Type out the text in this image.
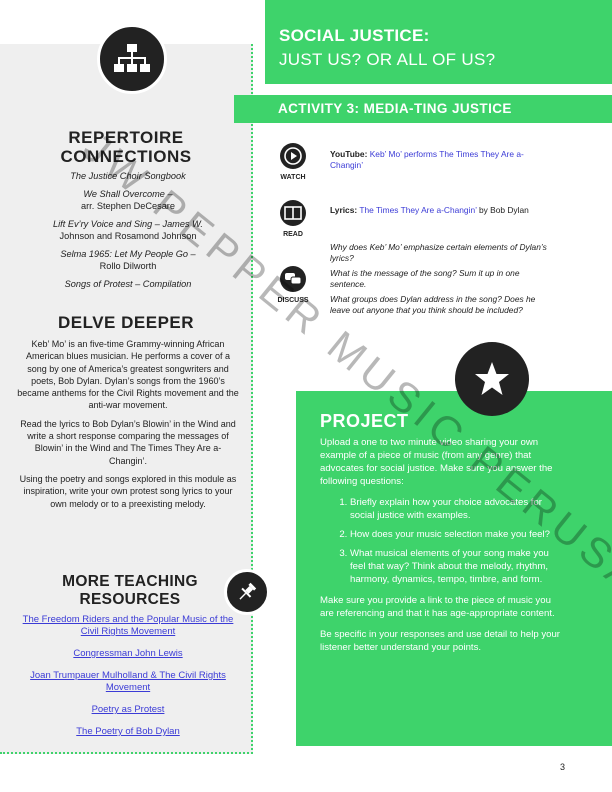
SOCIAL JUSTICE:
JUST US? OR ALL OF US?
REPERTOIRE
CONNECTIONS
The Justice Choir Songbook
We Shall Overcome –
arr. Stephen DeCesare
Lift Ev’ry Voice and Sing – James W.
Johnson and Rosamond Johnson
Selma 1965: Let My People Go –
Rollo Dilworth
Songs of Protest – Compilation
DELVE DEEPER

Keb’ Mo’ is an five-time Grammy-winning African American blues musician. He performs a cover of a song by one of America’s greatest songwriters and poets, Bob Dylan. Dylan’s songs from the 1960’s became anthems for the Civil Rights movement and the anti-war movement.

Read the lyrics to Bob Dylan’s Blowin’ in the Wind and write a short response comparing the messages of Blowin’ in the Wind and The Times They Are a-Changin’.

Using the poetry and songs explored in this module as inspiration, write your own protest song lyrics to your own melody or to a preexisting melody.

MORE TEACHING
RESOURCES
The Freedom Riders and the Popular Music of the Civil Rights Movement
Congressman John Lewis
Joan Trumpauer Mulholland & The Civil Rights Movement
Poetry as Protest
The Poetry of Bob Dylan
ACTIVITY 3: MEDIA-TING JUSTICE
WATCH
YouTube: Keb’ Mo’ performs The Times They Are a-Changin’
READ
Lyrics: The Times They Are a-Changin’ by Bob Dylan
DISCUSS
Why does Keb’ Mo’ emphasize certain elements of Dylan’s lyrics?
What is the message of the song? Sum it up in one sentence.
What groups does Dylan address in the song? Does he leave out anyone that you think should be included?
PROJECT

Upload a one to two minute video sharing your own example of a piece of music (from any genre) that advocates for social justice. Make sure you answer the following questions:

1. Briefly explain how your choice advocates for social justice with examples.
2. How does your music selection make you feel?
3. What musical elements of your song make you feel that way? Think about the melody, rhythm, harmony, dynamics, tempo, timbre, and form.

Make sure you provide a link to the piece of music you are referencing and that it has age-appropriate content.

Be specific in your responses and use detail to help your listener better understand your points.

3
JW PEPPER MUSIC PERUSAL
